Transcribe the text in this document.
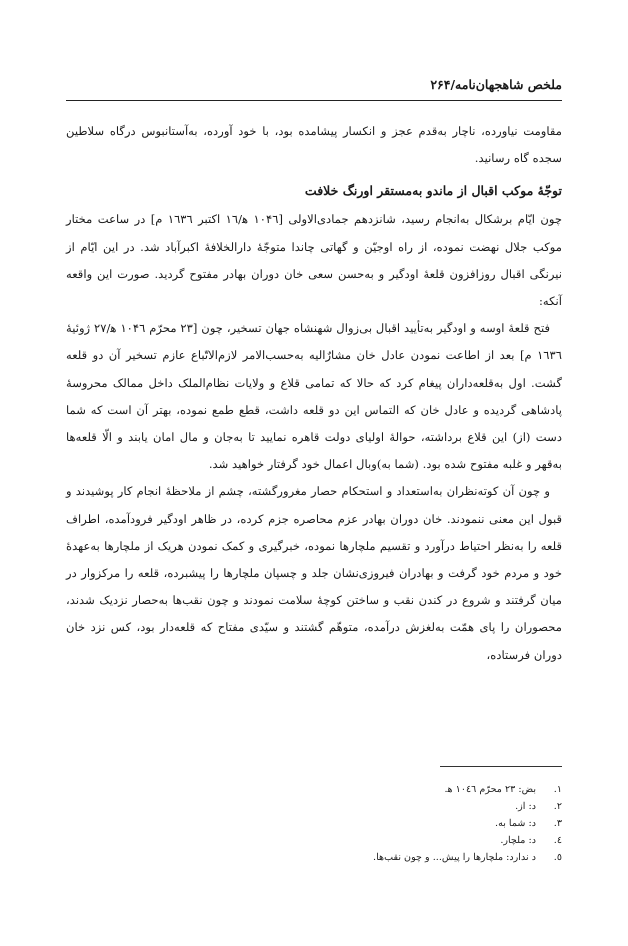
ملخص شاهجهان‌نامه/۲۶۴

مقاومت نیاورده، ناچار به‌قدم عجز و انکسار پیشامده بود، با خود آورده، به‌آستانبوس درگاه سلاطین سجده گاه رسانید.

توجّهٔ موکب اقبال از ماندو به‌مستقر اورنگ خلافت

چون ایّام برشکال به‌انجام رسید، شانزدهم جمادی‌الاولی [۱۰۴٦ ﻫ/١٦ اکتبر ١٦٣٦ م] در ساعت مختار موکب جلال نهضت نموده، از راه اوجیّن و گهاتی چاندا متوجّهٔ دارالخلافهٔ اکبرآباد شد. در این ایّام از نیرنگی اقبال روزافزون قلعهٔ اودگیر و به‌حسن سعی خان دوران بهادر مفتوح گردید. صورت این واقعه آنکه:

فتح قلعهٔ اوسه و اودگیر به‌تأیید اقبال بی‌زوال شهنشاه جهان تسخیر، چون [۲۳ محرّم ۱۰۴٦ ﻫ/٢٧ ژوئیهٔ ١٦٣٦ م] بعد از اطاعت نمودن عادل خان مشارٌالیه به‌حسب‌الامر لازم‌الاتّباع عازم تسخیر آن دو قلعه گشت. اول به‌قلعه‌داران پیغام کرد که حالا که تمامی قلاع و ولایات نظام‌الملک داخل ممالک محروسهٔ پادشاهی گردیده و عادل خان که التماس این دو قلعه داشت، قطع طمع نموده، بهتر آن است که شما دست (از) این قلاع برداشته، حوالهٔ اولیای دولت قاهره نمایید تا به‌جان و مال امان یابند و الّا قلعه‌ها به‌قهر و غلبه مفتوح شده بود. (شما به)وبال اعمال خود گرفتار خواهید شد.

و چون آن کوته‌نظران به‌استعداد و استحکام حصار مغرورگشته، چشم از ملاحظهٔ انجام کار پوشیدند و قبول این معنی ننمودند. خان دوران بهادر عزم محاصره جزم کرده، در ظاهر اودگیر فرودآمده، اطراف قلعه را به‌نظر احتیاط درآورد و تقسیم ملچارها نموده، خبرگیری و کمک نمودن هریک از ملچارها به‌عهدهٔ خود و مردم خود گرفت و بهادران فیروزی‌نشان جلد و چسپان ملچارها را پیشبرده، قلعه را مرکزوار در میان گرفتند و شروع در کندن نقب و ساختن کوچهٔ سلامت نمودند و چون نقب‌ها به‌حصار نزدیک شدند، محصوران را پای همّت به‌لغزش درآمده، متوهّم گشتند و سیّدی مفتاح که قلعه‌دار بود، کس نزد خان دوران فرستاده،

١.بض: ٢٣ محرّم ١٠٤٦ ﻫ.
٢.د: از.
٣.د: شما به.
٤.د: ملچار.
٥.د ندارد: ملچارها را پیش... و چون نقب‌ها.
